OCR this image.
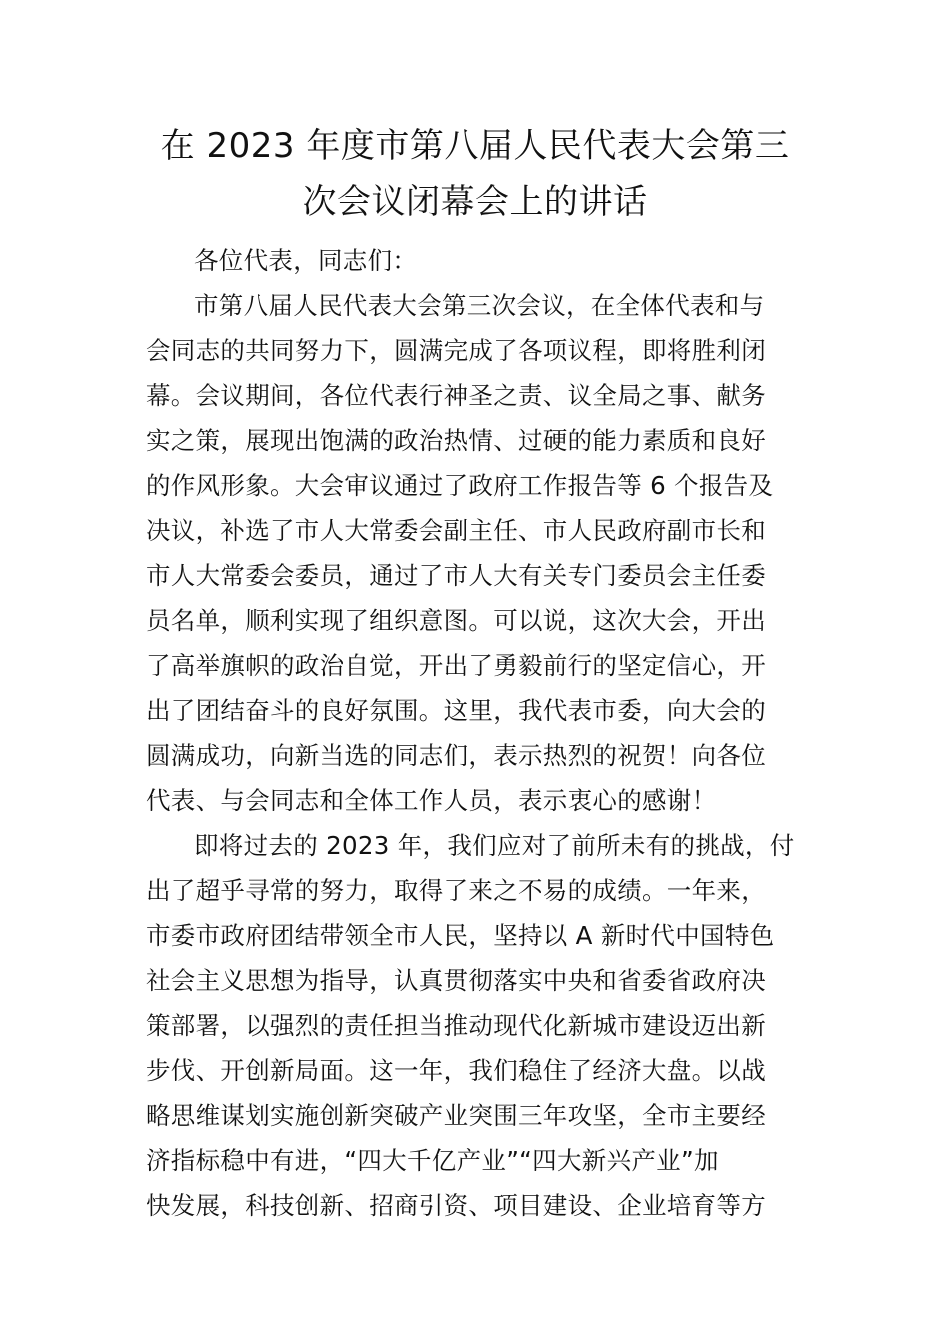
在 2023 年度市第八届人民代表大会第三
次会议闭幕会上的讲话
各位代表，同志们：

市第八届人民代表大会第三次会议，在全体代表和与
会同志的共同努力下，圆满完成了各项议程，即将胜利闭
幕。会议期间，各位代表行神圣之责、议全局之事、献务
实之策，展现出饱满的政治热情、过硬的能力素质和良好
的作风形象。大会审议通过了政府工作报告等 6 个报告及
决议，补选了市人大常委会副主任、市人民政府副市长和
市人大常委会委员，通过了市人大有关专门委员会主任委
员名单，顺利实现了组织意图。可以说，这次大会，开出
了高举旗帜的政治自觉，开出了勇毅前行的坚定信心，开
出了团结奋斗的良好氛围。这里，我代表市委，向大会的
圆满成功，向新当选的同志们，表示热烈的祝贺！向各位
代表、与会同志和全体工作人员，表示衷心的感谢！

即将过去的 2023 年，我们应对了前所未有的挑战，付
出了超乎寻常的努力，取得了来之不易的成绩。一年来，
市委市政府团结带领全市人民，坚持以 A 新时代中国特色
社会主义思想为指导，认真贯彻落实中央和省委省政府决
策部署，以强烈的责任担当推动现代化新城市建设迈出新
步伐、开创新局面。这一年，我们稳住了经济大盘。以战
略思维谋划实施创新突破产业突围三年攻坚，全市主要经
济指标稳中有进，“四大千亿产业”“四大新兴产业”加
快发展，科技创新、招商引资、项目建设、企业培育等方
